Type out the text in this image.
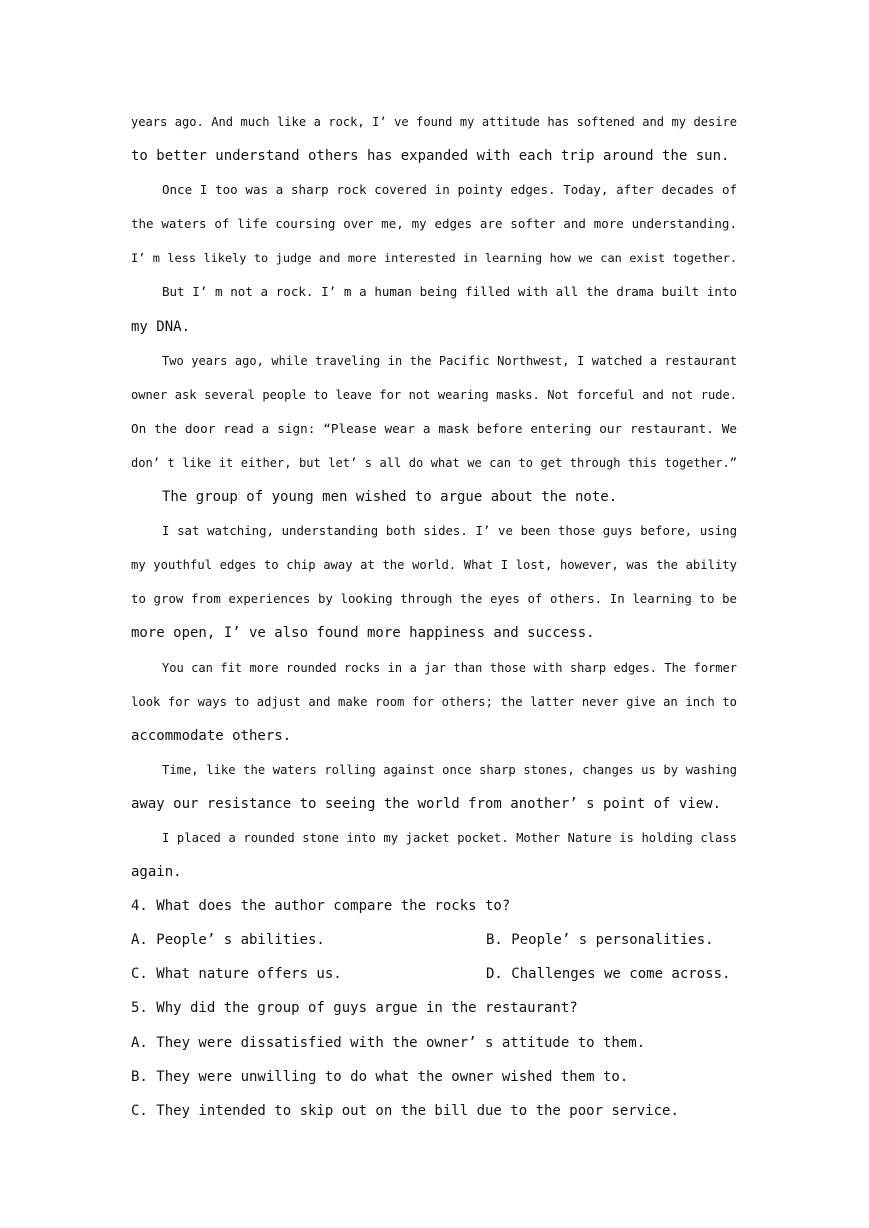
years ago. And much like a rock, I’ ve found my attitude has softened and my desire
to better understand others has expanded with each trip around the sun.
Once I too was a sharp rock covered in pointy edges. Today, after decades of
the waters of life coursing over me, my edges are softer and more understanding.
I’ m less likely to judge and more interested in learning how we can exist together.
But I’ m not a rock. I’ m a human being filled with all the drama built into
my DNA.
Two years ago, while traveling in the Pacific Northwest, I watched a restaurant
owner ask several people to leave for not wearing masks. Not forceful and not rude.
On the door read a sign: “Please wear a mask before entering our restaurant. We
don’ t like it either, but let’ s all do what we can to get through this together.”
The group of young men wished to argue about the note.
I sat watching, understanding both sides. I’ ve been those guys before, using
my youthful edges to chip away at the world. What I lost, however, was the ability
to grow from experiences by looking through the eyes of others. In learning to be
more open, I’ ve also found more happiness and success.
You can fit more rounded rocks in a jar than those with sharp edges. The former
look for ways to adjust and make room for others; the latter never give an inch to
accommodate others.
Time, like the waters rolling against once sharp stones, changes us by washing
away our resistance to seeing the world from another’ s point of view.
I placed a rounded stone into my jacket pocket. Mother Nature is holding class
again.
4. What does the author compare the rocks to?
A. People’ s abilities.	B. People’ s personalities.
C. What nature offers us.	D. Challenges we come across.
5. Why did the group of guys argue in the restaurant?
A. They were dissatisfied with the owner’ s attitude to them.
B. They were unwilling to do what the owner wished them to.
C. They intended to skip out on the bill due to the poor service.
